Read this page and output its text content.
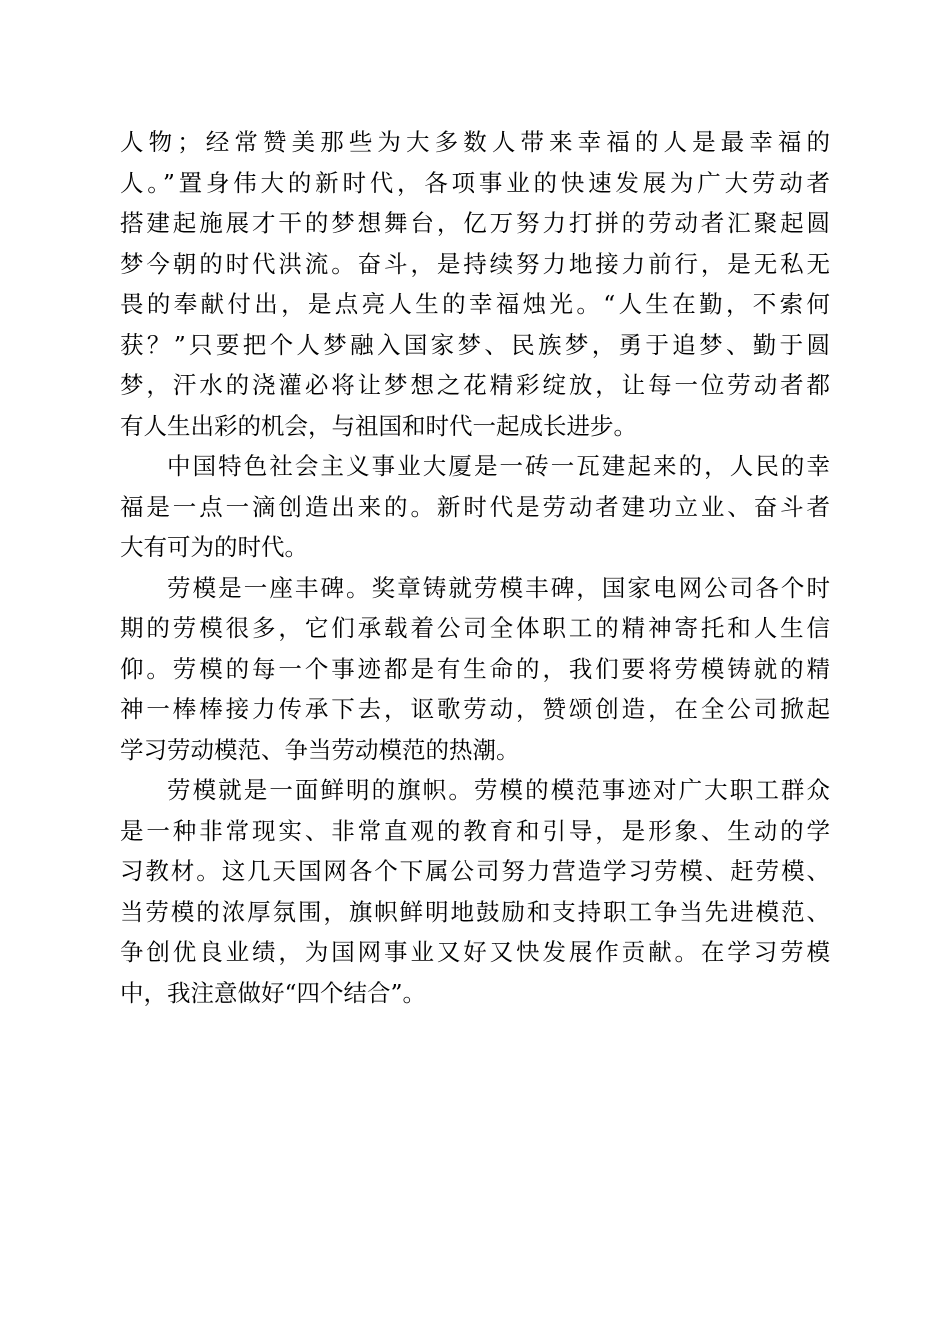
人物；经常赞美那些为大多数人带来幸福的人是最幸福的
人。”置身伟大的新时代，各项事业的快速发展为广大劳动者
搭建起施展才干的梦想舞台，亿万努力打拼的劳动者汇聚起圆
梦今朝的时代洪流。奋斗，是持续努力地接力前行，是无私无
畏的奉献付出，是点亮人生的幸福烛光。“人生在勤，不索何
获？”只要把个人梦融入国家梦、民族梦，勇于追梦、勤于圆
梦，汗水的浇灌必将让梦想之花精彩绽放，让每一位劳动者都
有人生出彩的机会，与祖国和时代一起成长进步。
中国特色社会主义事业大厦是一砖一瓦建起来的，人民的幸
福是一点一滴创造出来的。新时代是劳动者建功立业、奋斗者
大有可为的时代。
劳模是一座丰碑。奖章铸就劳模丰碑，国家电网公司各个时
期的劳模很多，它们承载着公司全体职工的精神寄托和人生信
仰。劳模的每一个事迹都是有生命的，我们要将劳模铸就的精
神一棒棒接力传承下去，讴歌劳动，赞颂创造，在全公司掀起
学习劳动模范、争当劳动模范的热潮。
劳模就是一面鲜明的旗帜。劳模的模范事迹对广大职工群众
是一种非常现实、非常直观的教育和引导，是形象、生动的学
习教材。这几天国网各个下属公司努力营造学习劳模、赶劳模、
当劳模的浓厚氛围，旗帜鲜明地鼓励和支持职工争当先进模范、
争创优良业绩，为国网事业又好又快发展作贡献。在学习劳模
中，我注意做好“四个结合”。
